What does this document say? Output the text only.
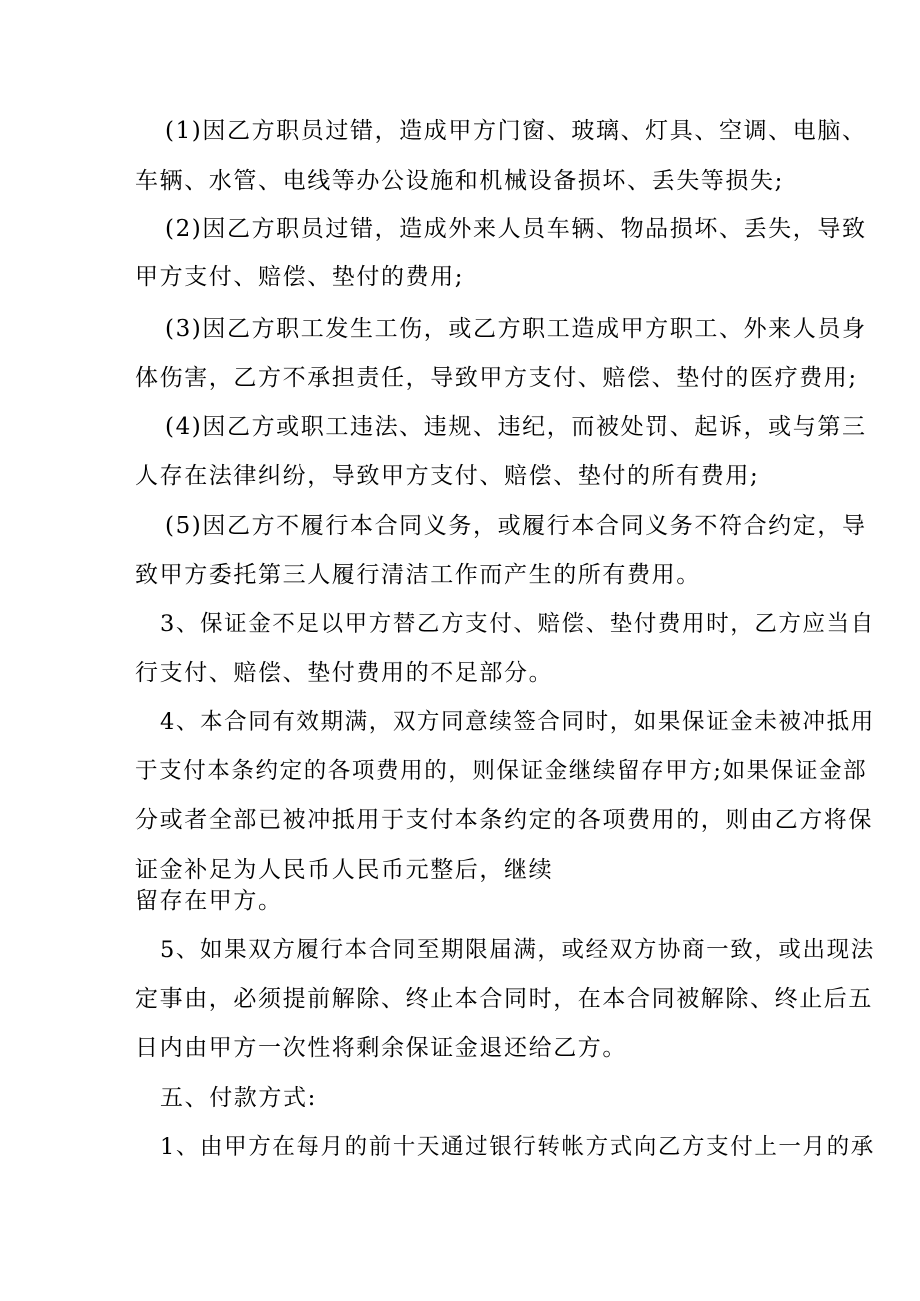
(1)因乙方职员过错，造成甲方门窗、玻璃、灯具、空调、电脑、
车辆、水管、电线等办公设施和机械设备损坏、丢失等损失;
(2)因乙方职员过错，造成外来人员车辆、物品损坏、丢失，导致
甲方支付、赔偿、垫付的费用;
(3)因乙方职工发生工伤，或乙方职工造成甲方职工、外来人员身
体伤害，乙方不承担责任，导致甲方支付、赔偿、垫付的医疗费用;
(4)因乙方或职工违法、违规、违纪，而被处罚、起诉，或与第三
人存在法律纠纷，导致甲方支付、赔偿、垫付的所有费用;
(5)因乙方不履行本合同义务，或履行本合同义务不符合约定，导
致甲方委托第三人履行清洁工作而产生的所有费用。
3、保证金不足以甲方替乙方支付、赔偿、垫付费用时，乙方应当自
行支付、赔偿、垫付费用的不足部分。
4、本合同有效期满，双方同意续签合同时，如果保证金未被冲抵用
于支付本条约定的各项费用的，则保证金继续留存甲方;如果保证金部
分或者全部已被冲抵用于支付本条约定的各项费用的，则由乙方将保
证金补足为人民币人民币元整后，继续
留存在甲方。
5、如果双方履行本合同至期限届满，或经双方协商一致，或出现法
定事由，必须提前解除、终止本合同时，在本合同被解除、终止后五
日内由甲方一次性将剩余保证金退还给乙方。
五、付款方式:
1、由甲方在每月的前十天通过银行转帐方式向乙方支付上一月的承
